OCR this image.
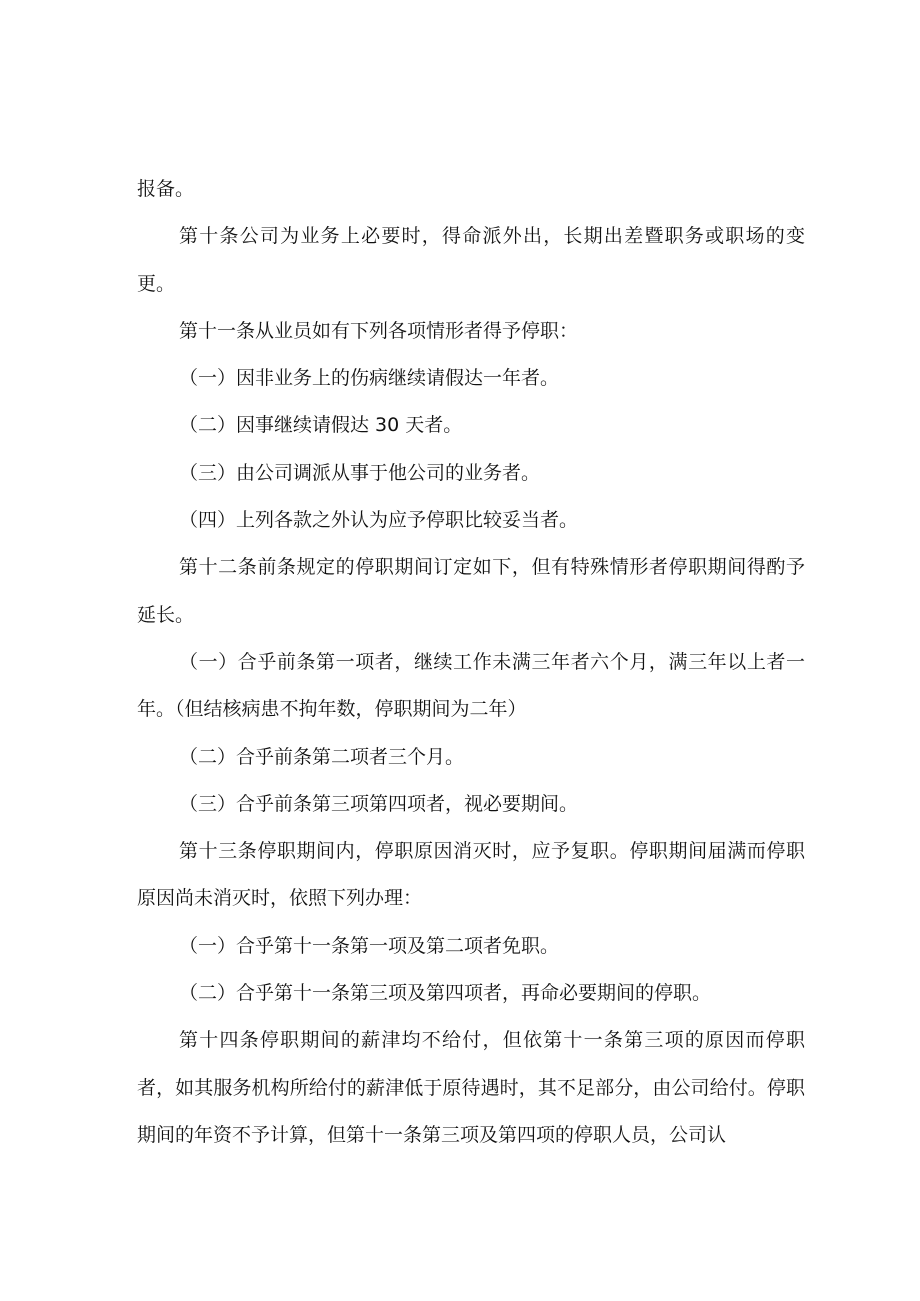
报备。

第十条公司为业务上必要时，得命派外出，长期出差暨职务或职场的变更。

第十一条从业员如有下列各项情形者得予停职：

（一）因非业务上的伤病继续请假达一年者。

（二）因事继续请假达 30 天者。

（三）由公司调派从事于他公司的业务者。

（四）上列各款之外认为应予停职比较妥当者。

第十二条前条规定的停职期间订定如下，但有特殊情形者停职期间得酌予延长。

（一）合乎前条第一项者，继续工作未满三年者六个月，满三年以上者一年。（但结核病患不拘年数，停职期间为二年）

（二）合乎前条第二项者三个月。

（三）合乎前条第三项第四项者，视必要期间。

第十三条停职期间内，停职原因消灭时，应予复职。停职期间届满而停职原因尚未消灭时，依照下列办理：

（一）合乎第十一条第一项及第二项者免职。

（二）合乎第十一条第三项及第四项者，再命必要期间的停职。

第十四条停职期间的薪津均不给付，但依第十一条第三项的原因而停职者，如其服务机构所给付的薪津低于原待遇时，其不足部分，由公司给付。停职期间的年资不予计算，但第十一条第三项及第四项的停职人员，公司认
